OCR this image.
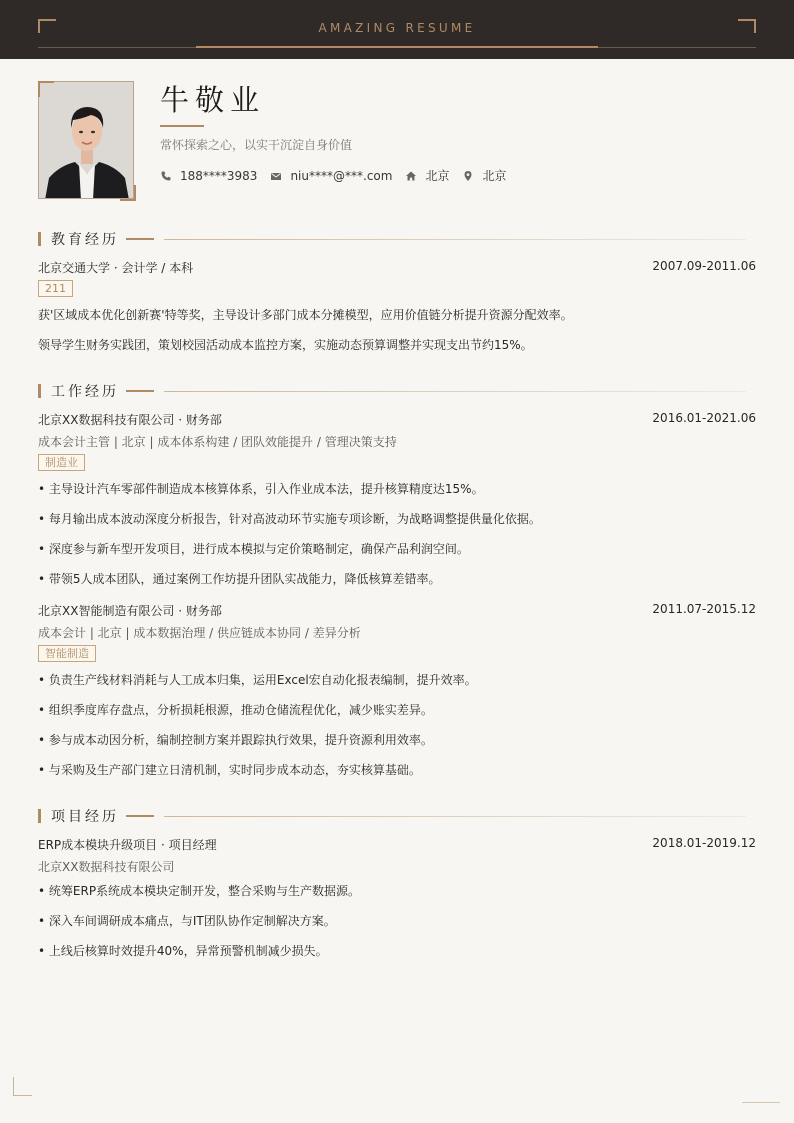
AMAZING RESUME
牛敬业
常怀探索之心，以实干沉淀自身价值
188****3983	niu****@***.com	北京	北京
教育经历
北京交通大学 · 会计学 / 本科	2007.09-2011.06
211
获'区域成本优化创新赛'特等奖，主导设计多部门成本分摊模型，应用价值链分析提升资源分配效率。
领导学生财务实践团，策划校园活动成本监控方案，实施动态预算调整并实现支出节约15%。
工作经历
北京XX数据科技有限公司 · 财务部	2016.01-2021.06
成本会计主管 | 北京 | 成本体系构建 / 团队效能提升 / 管理决策支持
制造业
• 主导设计汽车零部件制造成本核算体系，引入作业成本法，提升核算精度达15%。
• 每月输出成本波动深度分析报告，针对高波动环节实施专项诊断，为战略调整提供量化依据。
• 深度参与新车型开发项目，进行成本模拟与定价策略制定，确保产品利润空间。
• 带领5人成本团队，通过案例工作坊提升团队实战能力，降低核算差错率。
北京XX智能制造有限公司 · 财务部	2011.07-2015.12
成本会计 | 北京 | 成本数据治理 / 供应链成本协同 / 差异分析
智能制造
• 负责生产线材料消耗与人工成本归集，运用Excel宏自动化报表编制，提升效率。
• 组织季度库存盘点，分析损耗根源，推动仓储流程优化，减少账实差异。
• 参与成本动因分析，编制控制方案并跟踪执行效果，提升资源利用效率。
• 与采购及生产部门建立日清机制，实时同步成本动态，夯实核算基础。
项目经历
ERP成本模块升级项目 · 项目经理	2018.01-2019.12
北京XX数据科技有限公司
• 统筹ERP系统成本模块定制开发，整合采购与生产数据源。
• 深入车间调研成本痛点，与IT团队协作定制解决方案。
• 上线后核算时效提升40%，异常预警机制减少损失。
